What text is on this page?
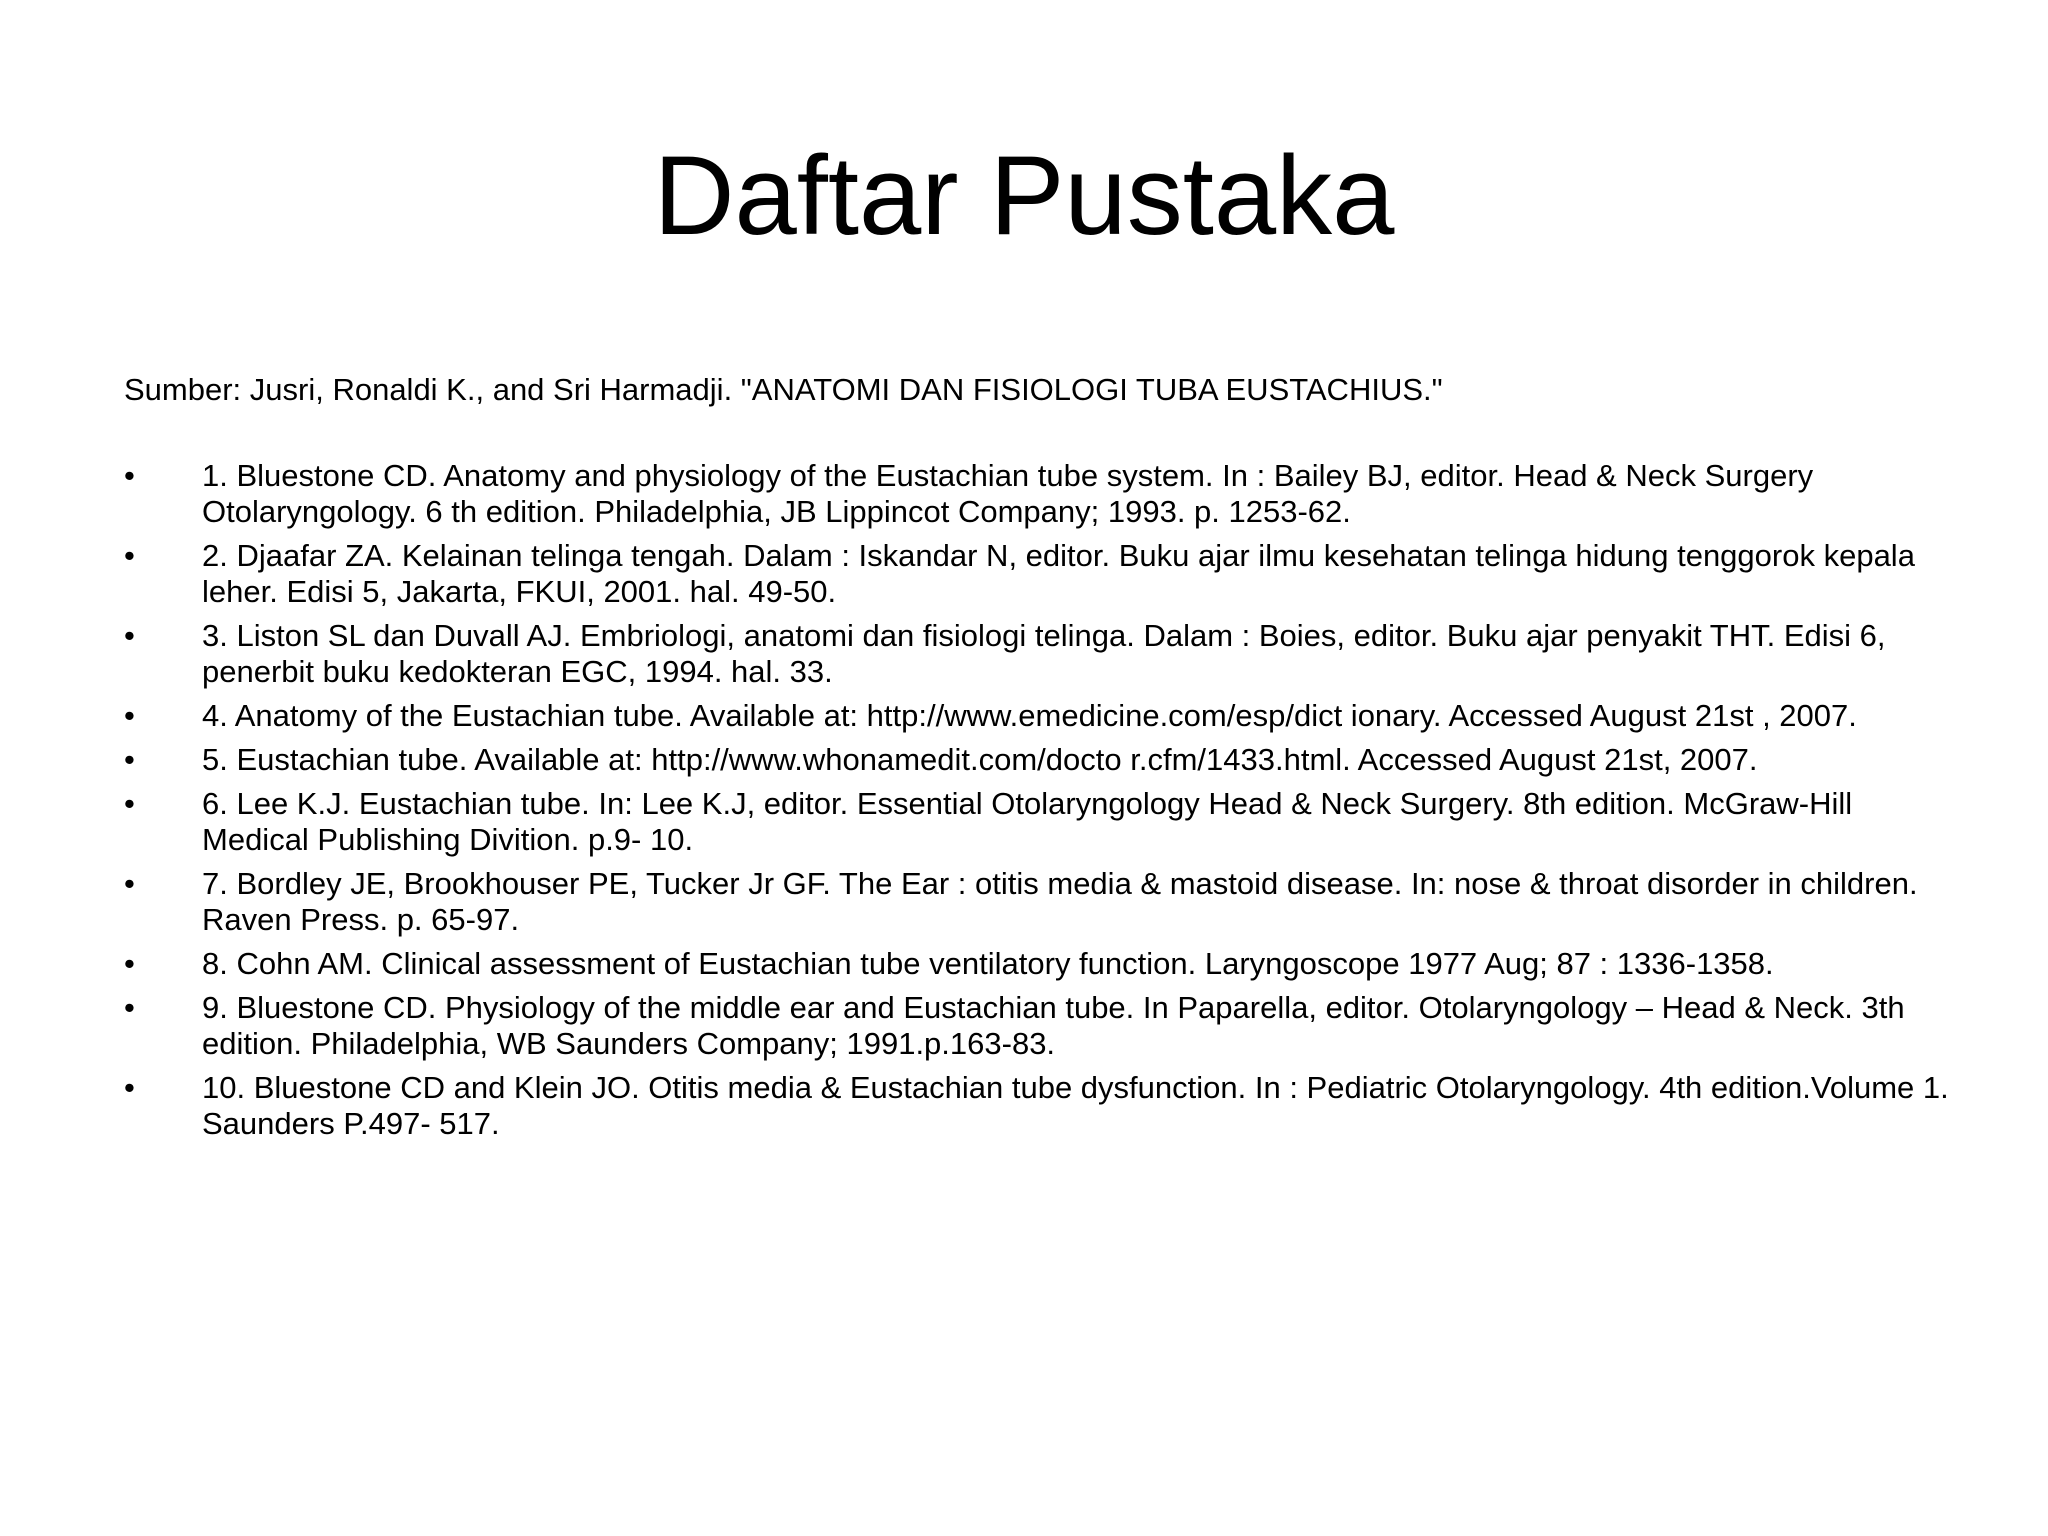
Daftar Pustaka
Sumber: Jusri, Ronaldi K., and Sri Harmadji. "ANATOMI DAN FISIOLOGI TUBA EUSTACHIUS."
•	1. Bluestone CD. Anatomy and physiology of the Eustachian tube system. In : Bailey BJ, editor. Head & Neck Surgery Otolaryngology. 6 th edition. Philadelphia, JB Lippincot Company; 1993. p. 1253-62.
•	2. Djaafar ZA. Kelainan telinga tengah. Dalam : Iskandar N, editor. Buku ajar ilmu kesehatan telinga hidung tenggorok kepala leher. Edisi 5, Jakarta, FKUI, 2001. hal. 49-50.
•	3. Liston SL dan Duvall AJ. Embriologi, anatomi dan fisiologi telinga. Dalam : Boies, editor. Buku ajar penyakit THT. Edisi 6, penerbit buku kedokteran EGC, 1994. hal. 33.
•	4. Anatomy of the Eustachian tube. Available at: http://www.emedicine.com/esp/dict ionary. Accessed August 21st , 2007.
•	5. Eustachian tube. Available at: http://www.whonamedit.com/docto r.cfm/1433.html. Accessed August 21st, 2007.
•	6. Lee K.J. Eustachian tube. In: Lee K.J, editor. Essential Otolaryngology Head & Neck Surgery. 8th edition. McGraw-Hill Medical Publishing Divition. p.9- 10.
•	7. Bordley JE, Brookhouser PE, Tucker Jr GF. The Ear : otitis media & mastoid disease. In: nose & throat disorder in children. Raven Press. p. 65-97.
•	8. Cohn AM. Clinical assessment of Eustachian tube ventilatory function. Laryngoscope 1977 Aug; 87 : 1336-1358.
•	9. Bluestone CD. Physiology of the middle ear and Eustachian tube. In Paparella, editor. Otolaryngology – Head & Neck. 3th edition. Philadelphia, WB Saunders Company; 1991.p.163-83.
•	10. Bluestone CD and Klein JO. Otitis media & Eustachian tube dysfunction. In : Pediatric Otolaryngology. 4th edition.Volume 1. Saunders P.497- 517.
